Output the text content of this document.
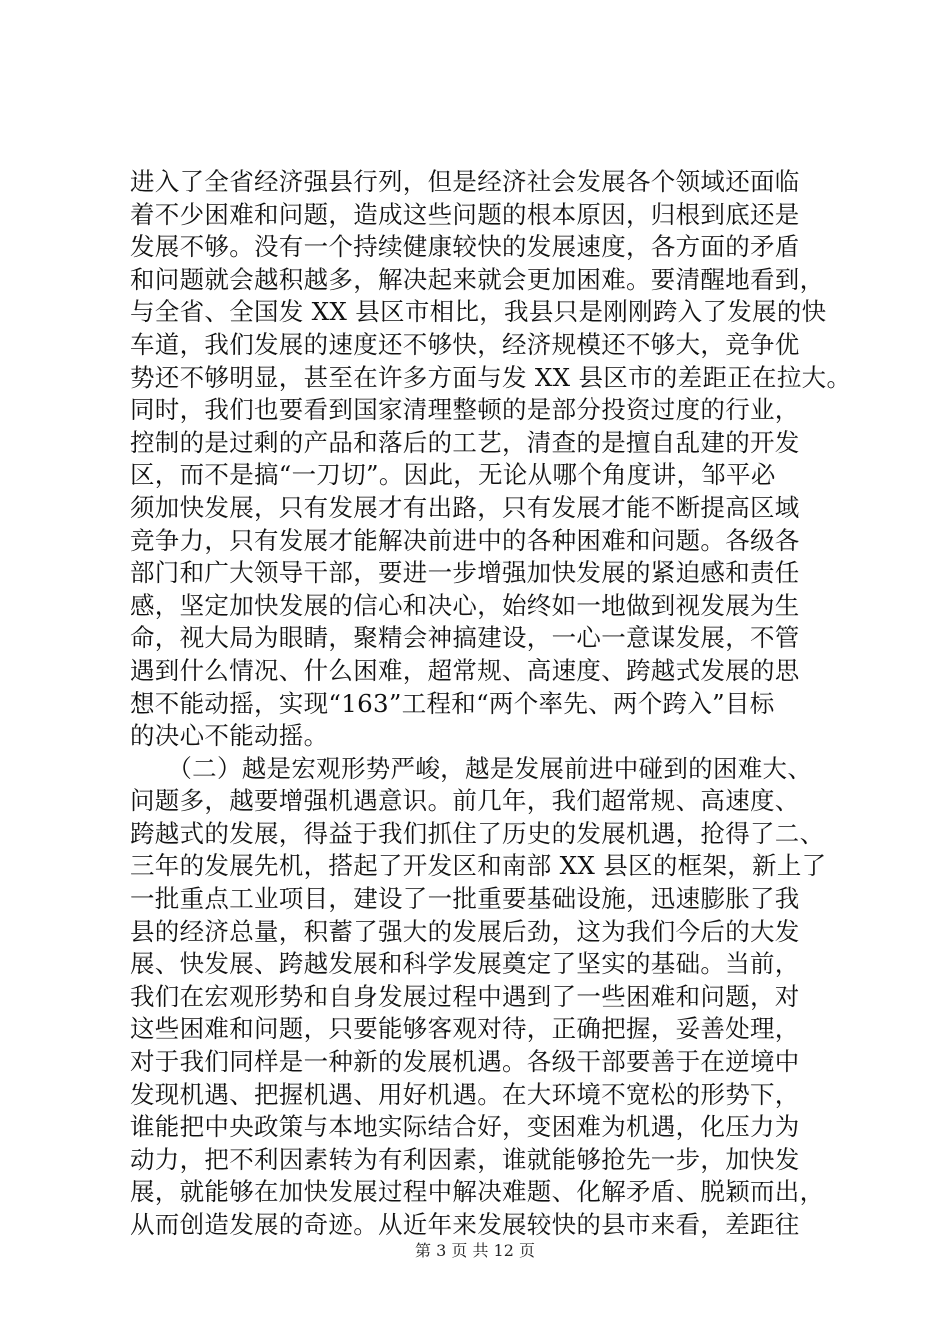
进入了全省经济强县行列，但是经济社会发展各个领域还面临
着不少困难和问题，造成这些问题的根本原因，归根到底还是
发展不够。没有一个持续健康较快的发展速度，各方面的矛盾
和问题就会越积越多，解决起来就会更加困难。要清醒地看到，
与全省、全国发 XX 县区市相比，我县只是刚刚跨入了发展的快
车道，我们发展的速度还不够快，经济规模还不够大，竞争优
势还不够明显，甚至在许多方面与发 XX 县区市的差距正在拉大。
同时，我们也要看到国家清理整顿的是部分投资过度的行业，
控制的是过剩的产品和落后的工艺，清查的是擅自乱建的开发
区，而不是搞“一刀切”。因此，无论从哪个角度讲，邹平必
须加快发展，只有发展才有出路，只有发展才能不断提高区域
竞争力，只有发展才能解决前进中的各种困难和问题。各级各
部门和广大领导干部，要进一步增强加快发展的紧迫感和责任
感，坚定加快发展的信心和决心，始终如一地做到视发展为生
命，视大局为眼睛，聚精会神搞建设，一心一意谋发展，不管
遇到什么情况、什么困难，超常规、高速度、跨越式发展的思
想不能动摇，实现“163”工程和“两个率先、两个跨入”目标
的决心不能动摇。
　　（二）越是宏观形势严峻，越是发展前进中碰到的困难大、
问题多，越要增强机遇意识。前几年，我们超常规、高速度、
跨越式的发展，得益于我们抓住了历史的发展机遇，抢得了二、
三年的发展先机，搭起了开发区和南部 XX 县区的框架，新上了
一批重点工业项目，建设了一批重要基础设施，迅速膨胀了我
县的经济总量，积蓄了强大的发展后劲，这为我们今后的大发
展、快发展、跨越发展和科学发展奠定了坚实的基础。当前，
我们在宏观形势和自身发展过程中遇到了一些困难和问题，对
这些困难和问题，只要能够客观对待，正确把握，妥善处理，
对于我们同样是一种新的发展机遇。各级干部要善于在逆境中
发现机遇、把握机遇、用好机遇。在大环境不宽松的形势下，
谁能把中央政策与本地实际结合好，变困难为机遇，化压力为
动力，把不利因素转为有利因素，谁就能够抢先一步，加快发
展，就能够在加快发展过程中解决难题、化解矛盾、脱颖而出，
从而创造发展的奇迹。从近年来发展较快的县市来看，差距往
第 3 页 共 12 页
